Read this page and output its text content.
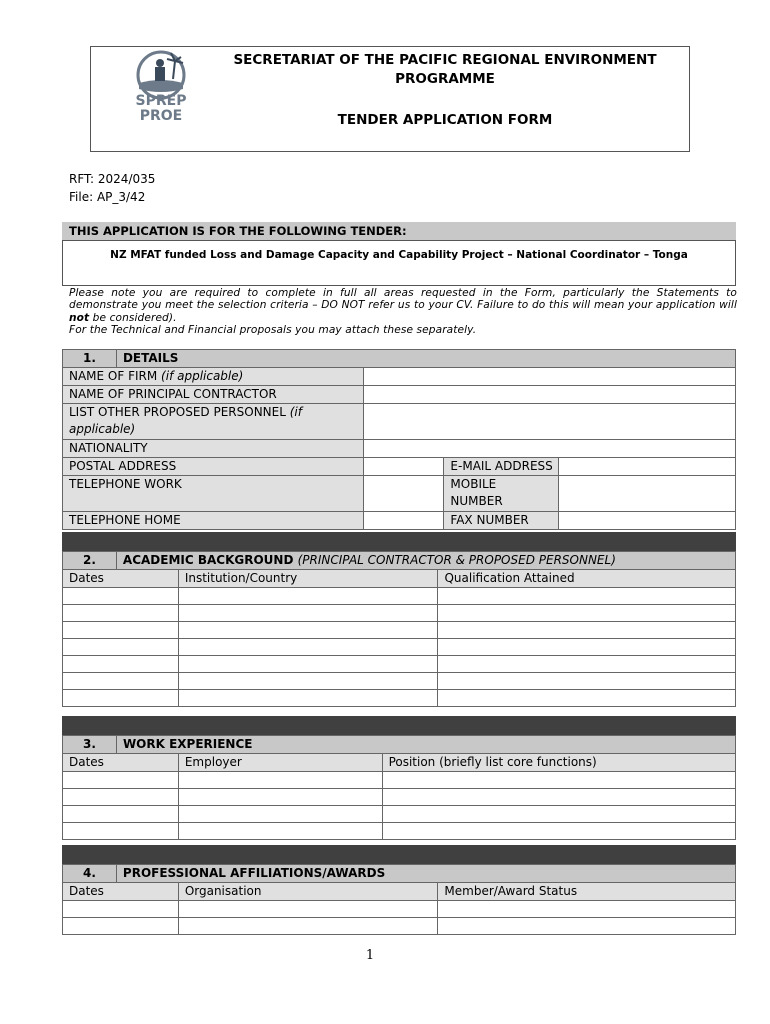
SPREP
PROE
SECRETARIAT OF THE PACIFIC REGIONAL ENVIRONMENT
PROGRAMME
TENDER APPLICATION FORM
RFT: 2024/035
File: AP_3/42
THIS APPLICATION IS FOR THE FOLLOWING TENDER:
NZ MFAT funded Loss and Damage Capacity and Capability Project – National Coordinator – Tonga
Please note you are required to complete in full all areas requested in the Form, particularly the Statements to demonstrate you meet the selection criteria – DO NOT refer us to your CV. Failure to do this will mean your application will not be considered).
For the Technical and Financial proposals you may attach these separately.
1.	DETAILS			
NAME OF FIRM (if applicable)				
NAME OF PRINCIPAL CONTRACTOR				
LIST OTHER PROPOSED PERSONNEL (if
applicable)				
NATIONALITY				
POSTAL ADDRESS			E-MAIL ADDRESS	
TELEPHONE WORK			MOBILE
NUMBER	
TELEPHONE HOME			FAX NUMBER	
2.	ACADEMIC BACKGROUND (PRINCIPAL CONTRACTOR & PROPOSED PERSONNEL)		
Dates		Institution/Country	Qualification Attained

3.	WORK EXPERIENCE		
Dates		Employer	Position (briefly list core functions)

4.	PROFESSIONAL AFFILIATIONS/AWARDS		
Dates		Organisation	Member/Award Status

1
